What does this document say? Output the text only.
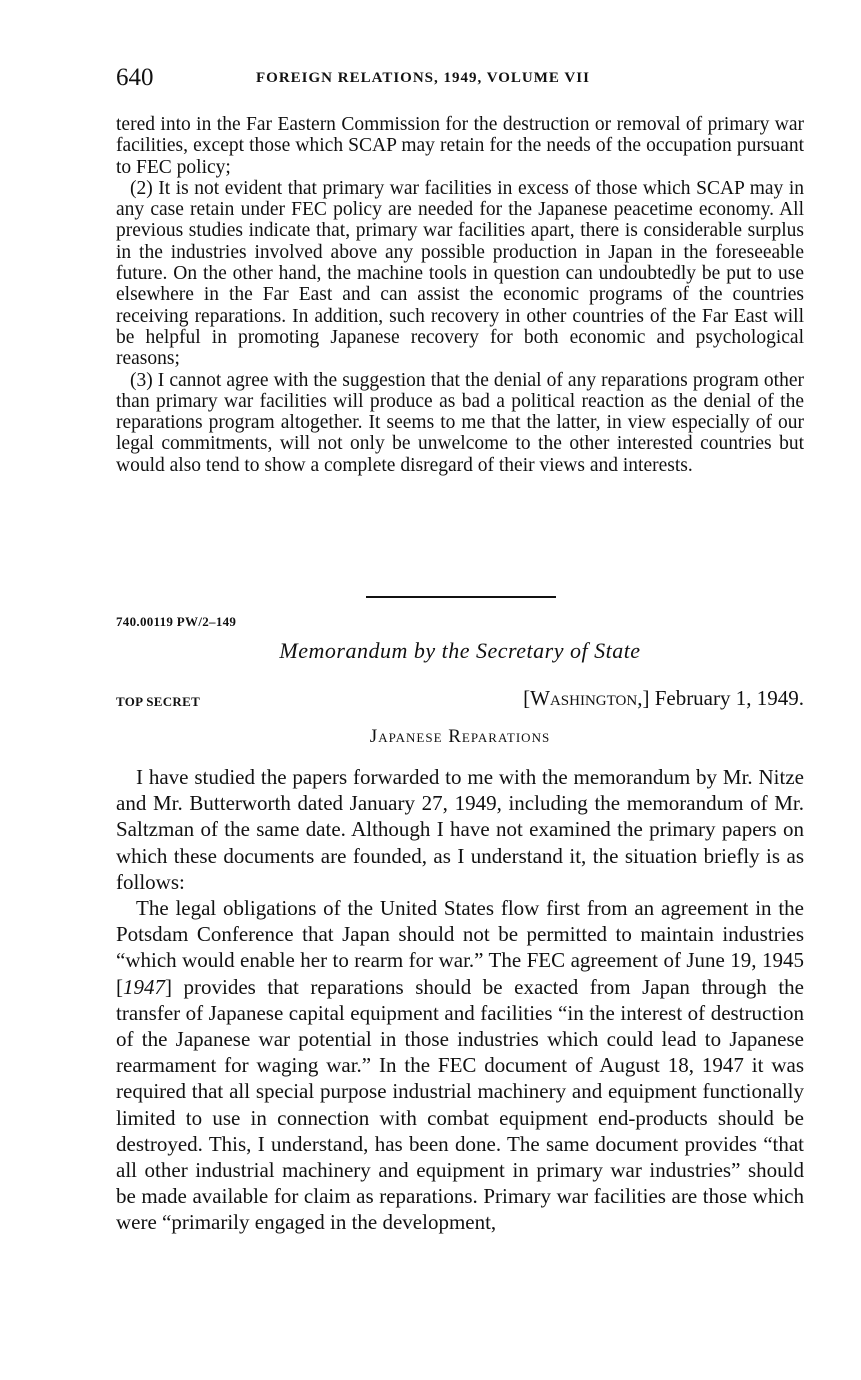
640	FOREIGN RELATIONS, 1949, VOLUME VII

tered into in the Far Eastern Commission for the destruction or removal of primary war facilities, except those which SCAP may retain for the needs of the occupation pursuant to FEC policy;

(2) It is not evident that primary war facilities in excess of those which SCAP may in any case retain under FEC policy are needed for the Japanese peacetime economy. All previous studies indicate that, primary war facilities apart, there is considerable surplus in the industries involved above any possible production in Japan in the foreseeable future. On the other hand, the machine tools in question can undoubtedly be put to use elsewhere in the Far East and can assist the economic programs of the countries receiving reparations. In addition, such recovery in other countries of the Far East will be helpful in promoting Japanese recovery for both economic and psychological reasons;

(3) I cannot agree with the suggestion that the denial of any reparations program other than primary war facilities will produce as bad a political reaction as the denial of the reparations program altogether. It seems to me that the latter, in view especially of our legal commitments, will not only be unwelcome to the other interested countries but would also tend to show a complete disregard of their views and interests.

740.00119 PW/2–149
Memorandum by the Secretary of State
TOP SECRET	[Washington,] February 1, 1949.
Japanese Reparations

I have studied the papers forwarded to me with the memorandum by Mr. Nitze and Mr. Butterworth dated January 27, 1949, including the memorandum of Mr. Saltzman of the same date. Although I have not examined the primary papers on which these documents are founded, as I understand it, the situation briefly is as follows:

The legal obligations of the United States flow first from an agreement in the Potsdam Conference that Japan should not be permitted to maintain industries “which would enable her to rearm for war.” The FEC agreement of June 19, 1945 [1947] provides that reparations should be exacted from Japan through the transfer of Japanese capital equipment and facilities “in the interest of destruction of the Japanese war potential in those industries which could lead to Japanese rearmament for waging war.” In the FEC document of August 18, 1947 it was required that all special purpose industrial machinery and equipment functionally limited to use in connection with combat equipment end-products should be destroyed. This, I understand, has been done. The same document provides “that all other industrial machinery and equipment in primary war industries” should be made available for claim as reparations. Primary war facilities are those which were “primarily engaged in the development,
